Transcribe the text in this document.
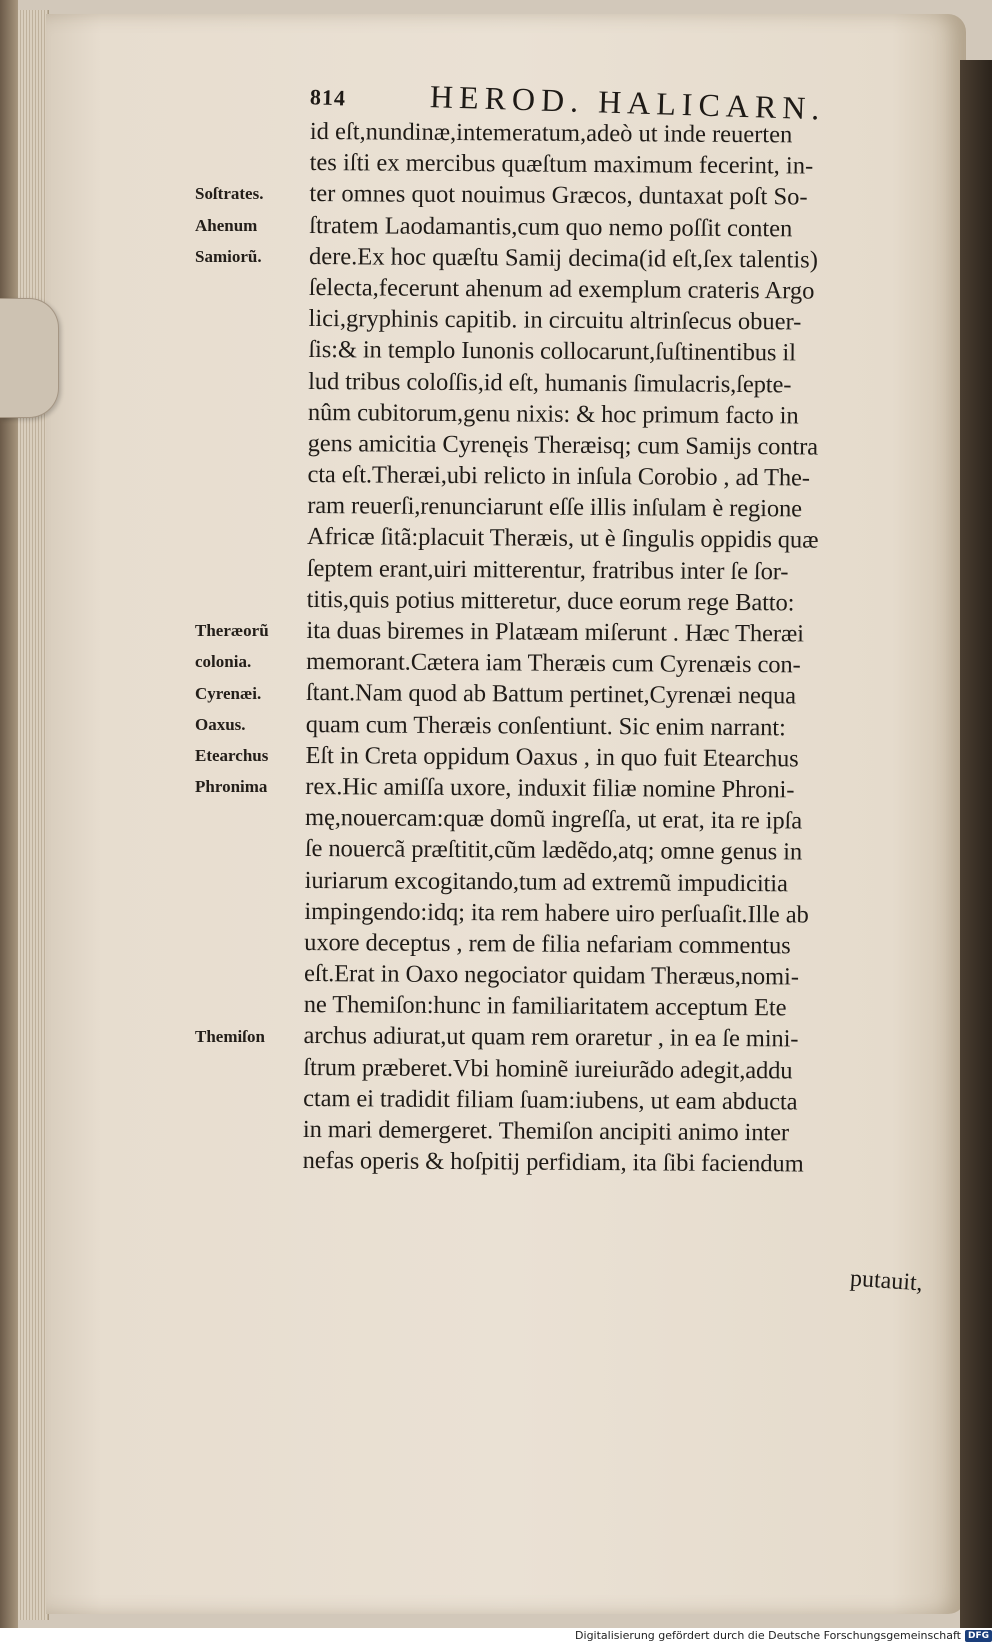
814	HEROD. HALICARN.
id eſt,nundinæ,intemeratum,adeò ut inde reuerten
tes iſti ex mercibus quæſtum maximum fecerint, in-
ter omnes quot nouimus Græcos, duntaxat poſt So-
ſtratem Laodamantis,cum quo nemo poſſit conten
dere.Ex hoc quæſtu Samij decima(id eſt,ſex talentis)
ſelecta,fecerunt ahenum ad exemplum crateris Argo
lici,gryphinis capitib. in circuitu altrinſecus obuer-
ſis:& in templo Iunonis collocarunt,ſuſtinentibus il
lud tribus coloſſis,id eſt, humanis ſimulacris,ſepte-
nûm cubitorum,genu nixis: & hoc primum facto in
gens amicitia Cyrenęis Theræisq; cum Samijs contra
cta eſt.Theræi,ubi relicto in inſula Corobio , ad The-
ram reuerſi,renunciarunt eſſe illis inſulam è regione
Africæ ſitã:placuit Theræis, ut è ſingulis oppidis quæ
ſeptem erant,uiri mitterentur, fratribus inter ſe ſor-
titis,quis potius mitteretur, duce eorum rege Batto:
ita duas biremes in Platæam miſerunt . Hæc Theræi
memorant.Cætera iam Theræis cum Cyrenæis con-
ſtant.Nam quod ab Battum pertinet,Cyrenæi nequa
quam cum Theræis conſentiunt. Sic enim narrant:
Eſt in Creta oppidum Oaxus , in quo fuit Etearchus
rex.Hic amiſſa uxore, induxit filiæ nomine Phroni-
mę,nouercam:quæ domũ ingreſſa, ut erat, ita re ipſa
ſe nouercã præſtitit,cũm lædẽdo,atq; omne genus in
iuriarum excogitando,tum ad extremũ impudicitia
impingendo:idq; ita rem habere uiro perſuaſit.Ille ab
uxore deceptus , rem de filia nefariam commentus
eſt.Erat in Oaxo negociator quidam Theræus,nomi-
ne Themiſon:hunc in familiaritatem acceptum Ete
archus adiurat,ut quam rem oraretur , in ea ſe mini-
ſtrum præberet.Vbi hominẽ iureiurãdo adegit,addu
ctam ei tradidit filiam ſuam:iubens, ut eam abducta
in mari demergeret. Themiſon ancipiti animo inter
nefas operis & hoſpitij perfidiam, ita ſibi faciendum
Soſtrates.
Ahenum
Samiorũ.
Theræorũ
colonia.
Cyrenæi.
Oaxus.
Etearchus
Phronima
Themiſon
putauit,
Digitalisierung gefördert durch die Deutsche Forschungsgemeinschaft DFG
